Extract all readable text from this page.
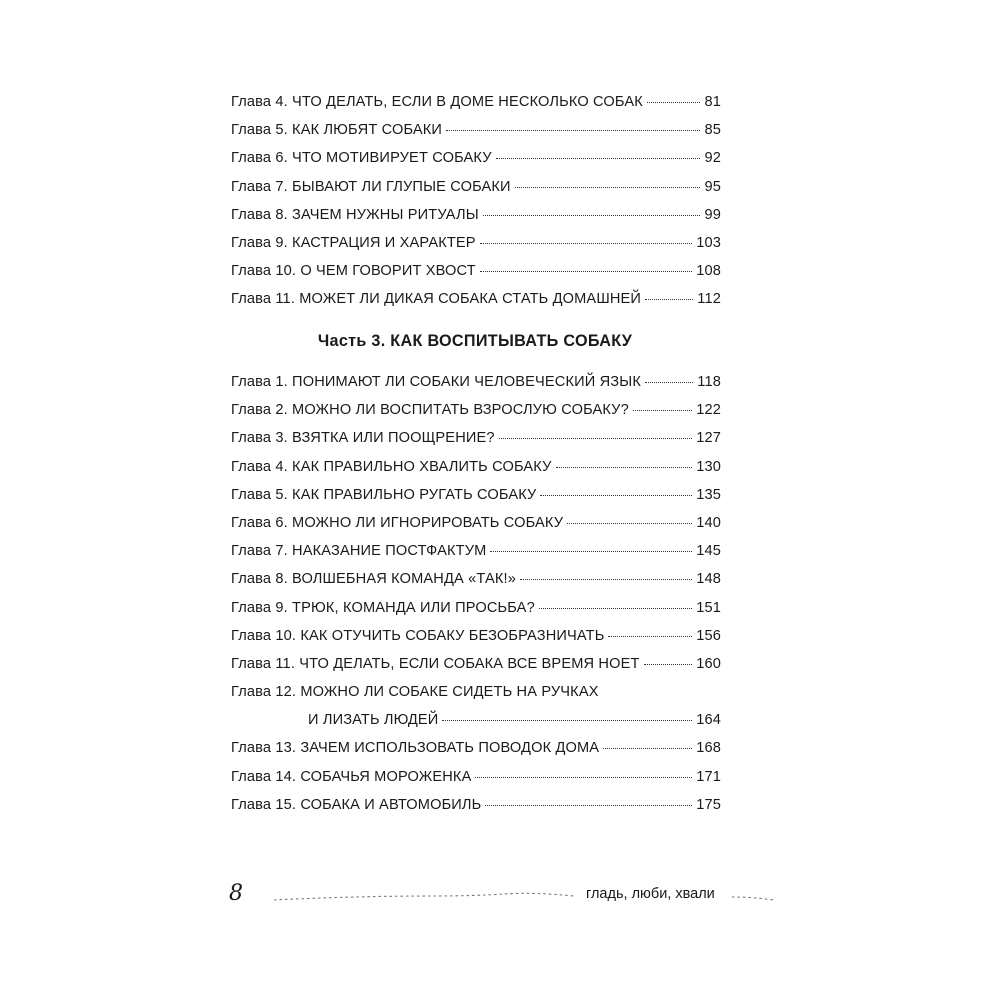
Глава 4. ЧТО ДЕЛАТЬ, ЕСЛИ В ДОМЕ НЕСКОЛЬКО СОБАК	81
Глава 5. КАК ЛЮБЯТ СОБАКИ	85
Глава 6. ЧТО МОТИВИРУЕТ СОБАКУ	92
Глава 7. БЫВАЮТ ЛИ ГЛУПЫЕ СОБАКИ	95
Глава 8. ЗАЧЕМ НУЖНЫ РИТУАЛЫ	99
Глава 9. КАСТРАЦИЯ И ХАРАКТЕР	103
Глава 10. О ЧЕМ ГОВОРИТ ХВОСТ	108
Глава 11. МОЖЕТ ЛИ ДИКАЯ СОБАКА СТАТЬ ДОМАШНЕЙ	112
Часть 3. КАК ВОСПИТЫВАТЬ СОБАКУ
Глава 1. ПОНИМАЮТ ЛИ СОБАКИ ЧЕЛОВЕЧЕСКИЙ ЯЗЫК	118
Глава 2. МОЖНО ЛИ ВОСПИТАТЬ ВЗРОСЛУЮ СОБАКУ?	122
Глава 3. ВЗЯТКА ИЛИ ПООЩРЕНИЕ?	127
Глава 4. КАК ПРАВИЛЬНО ХВАЛИТЬ СОБАКУ	130
Глава 5. КАК ПРАВИЛЬНО РУГАТЬ СОБАКУ	135
Глава 6. МОЖНО ЛИ ИГНОРИРОВАТЬ СОБАКУ	140
Глава 7. НАКАЗАНИЕ ПОСТФАКТУМ	145
Глава 8. ВОЛШЕБНАЯ КОМАНДА «ТАК!»	148
Глава 9. ТРЮК, КОМАНДА ИЛИ ПРОСЬБА?	151
Глава 10. КАК ОТУЧИТЬ СОБАКУ БЕЗОБРАЗНИЧАТЬ	156
Глава 11. ЧТО ДЕЛАТЬ, ЕСЛИ СОБАКА ВСЕ ВРЕМЯ НОЕТ	160
Глава 12. МОЖНО ЛИ СОБАКЕ СИДЕТЬ НА РУЧКАХ
И ЛИЗАТЬ ЛЮДЕЙ	164
Глава 13. ЗАЧЕМ ИСПОЛЬЗОВАТЬ ПОВОДОК ДОМА	168
Глава 14. СОБАЧЬЯ МОРОЖЕНКА	171
Глава 15. СОБАКА И АВТОМОБИЛЬ	175
8	гладь, люби, хвали
